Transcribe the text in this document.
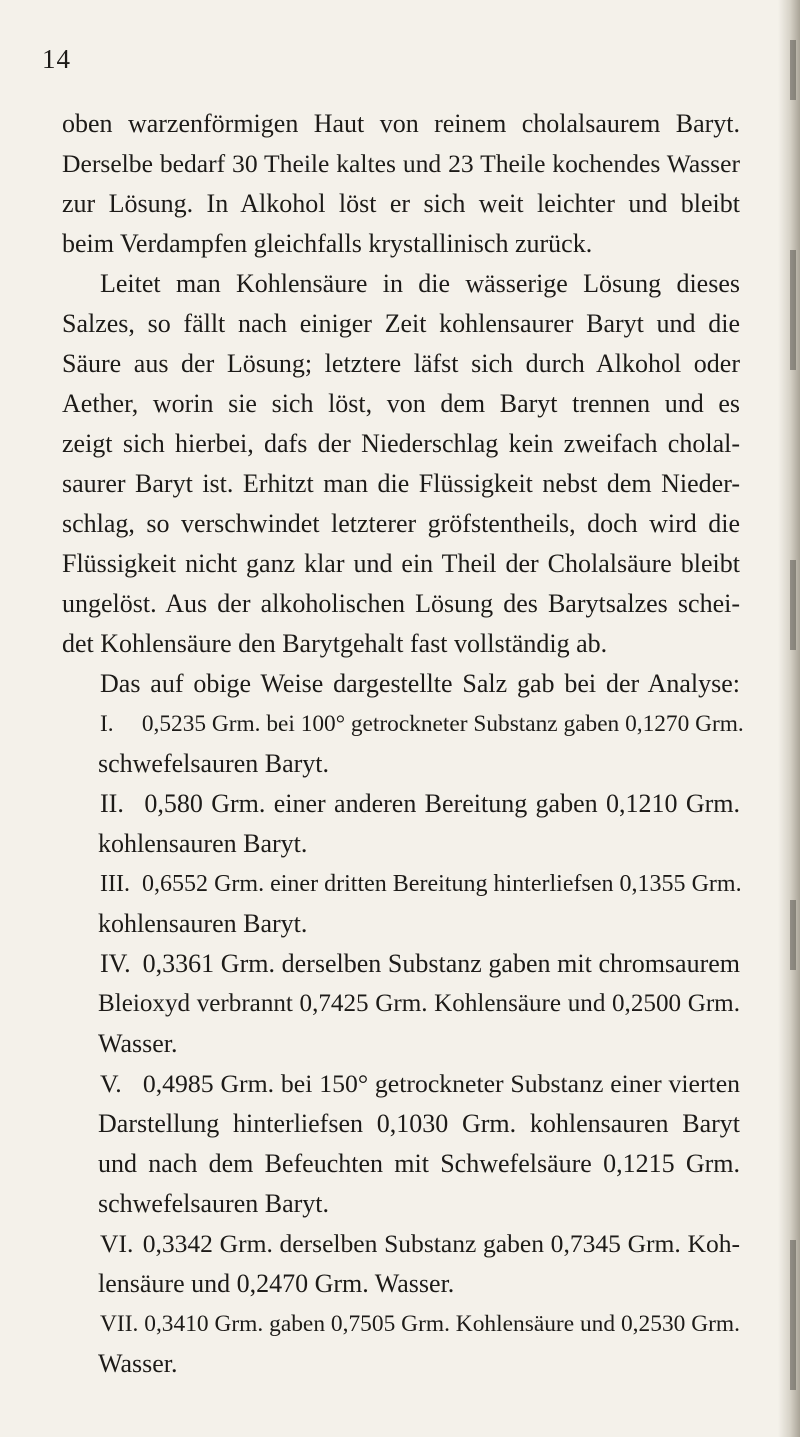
14
oben warzenförmigen Haut von reinem cholalsaurem Baryt.
Derselbe bedarf 30 Theile kaltes und 23 Theile kochendes Wasser
zur Lösung. In Alkohol löst er sich weit leichter und bleibt
beim Verdampfen gleichfalls krystallinisch zurück.
Leitet man Kohlensäure in die wässerige Lösung dieses
Salzes, so fällt nach einiger Zeit kohlensaurer Baryt und die
Säure aus der Lösung; letztere läfst sich durch Alkohol oder
Aether, worin sie sich löst, von dem Baryt trennen und es
zeigt sich hierbei, dafs der Niederschlag kein zweifach cholal-
saurer Baryt ist. Erhitzt man die Flüssigkeit nebst dem Nieder-
schlag, so verschwindet letzterer gröfstentheils, doch wird die
Flüssigkeit nicht ganz klar und ein Theil der Cholalsäure bleibt
ungelöst. Aus der alkoholischen Lösung des Barytsalzes schei-
det Kohlensäure den Barytgehalt fast vollständig ab.
Das auf obige Weise dargestellte Salz gab bei der Analyse:
I. 0,5235 Grm. bei 100° getrockneter Substanz gaben 0,1270 Grm.
schwefelsauren Baryt.
II. 0,580 Grm. einer anderen Bereitung gaben 0,1210 Grm.
kohlensauren Baryt.
III. 0,6552 Grm. einer dritten Bereitung hinterliefsen 0,1355 Grm.
kohlensauren Baryt.
IV. 0,3361 Grm. derselben Substanz gaben mit chromsaurem
Bleioxyd verbrannt 0,7425 Grm. Kohlensäure und 0,2500 Grm.
Wasser.
V. 0,4985 Grm. bei 150° getrockneter Substanz einer vierten
Darstellung hinterliefsen 0,1030 Grm. kohlensauren Baryt
und nach dem Befeuchten mit Schwefelsäure 0,1215 Grm.
schwefelsauren Baryt.
VI. 0,3342 Grm. derselben Substanz gaben 0,7345 Grm. Koh-
lensäure und 0,2470 Grm. Wasser.
VII. 0,3410 Grm. gaben 0,7505 Grm. Kohlensäure und 0,2530 Grm.
Wasser.
